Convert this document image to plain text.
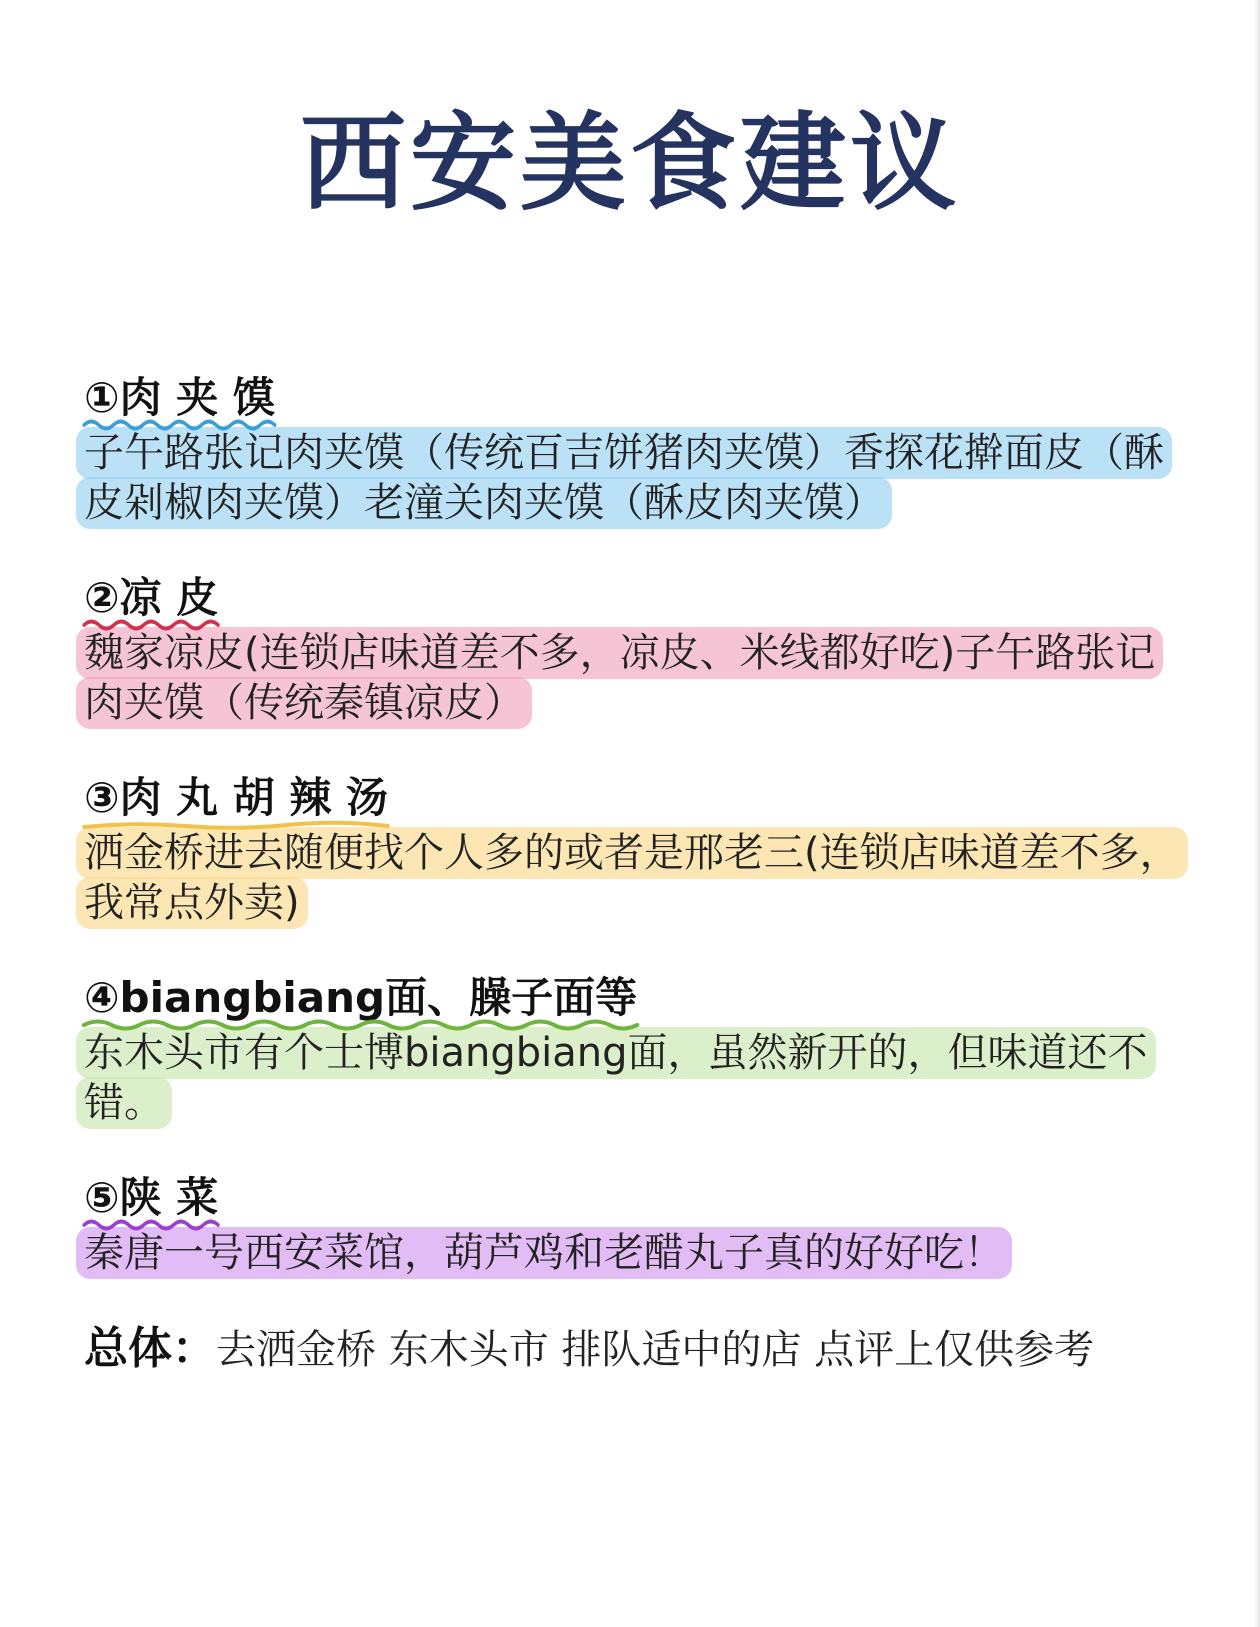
西安美食建议
①肉 夹 馍
子午路张记肉夹馍（传统百吉饼猪肉夹馍）香探花擀面皮（酥皮剁椒肉夹馍）老潼关肉夹馍（酥皮肉夹馍）
②凉 皮
魏家凉皮(连锁店味道差不多，凉皮、米线都好吃)子午路张记肉夹馍（传统秦镇凉皮）
③肉 丸 胡 辣 汤
洒金桥进去随便找个人多的或者是邢老三(连锁店味道差不多，我常点外卖)
④biangbiang面、臊子面等
东木头市有个士博biangbiang面，虽然新开的，但味道还不错。
⑤陕 菜
秦唐一号西安菜馆，葫芦鸡和老醋丸子真的好好吃！
总体：去洒金桥 东木头市 排队适中的店 点评上仅供参考
